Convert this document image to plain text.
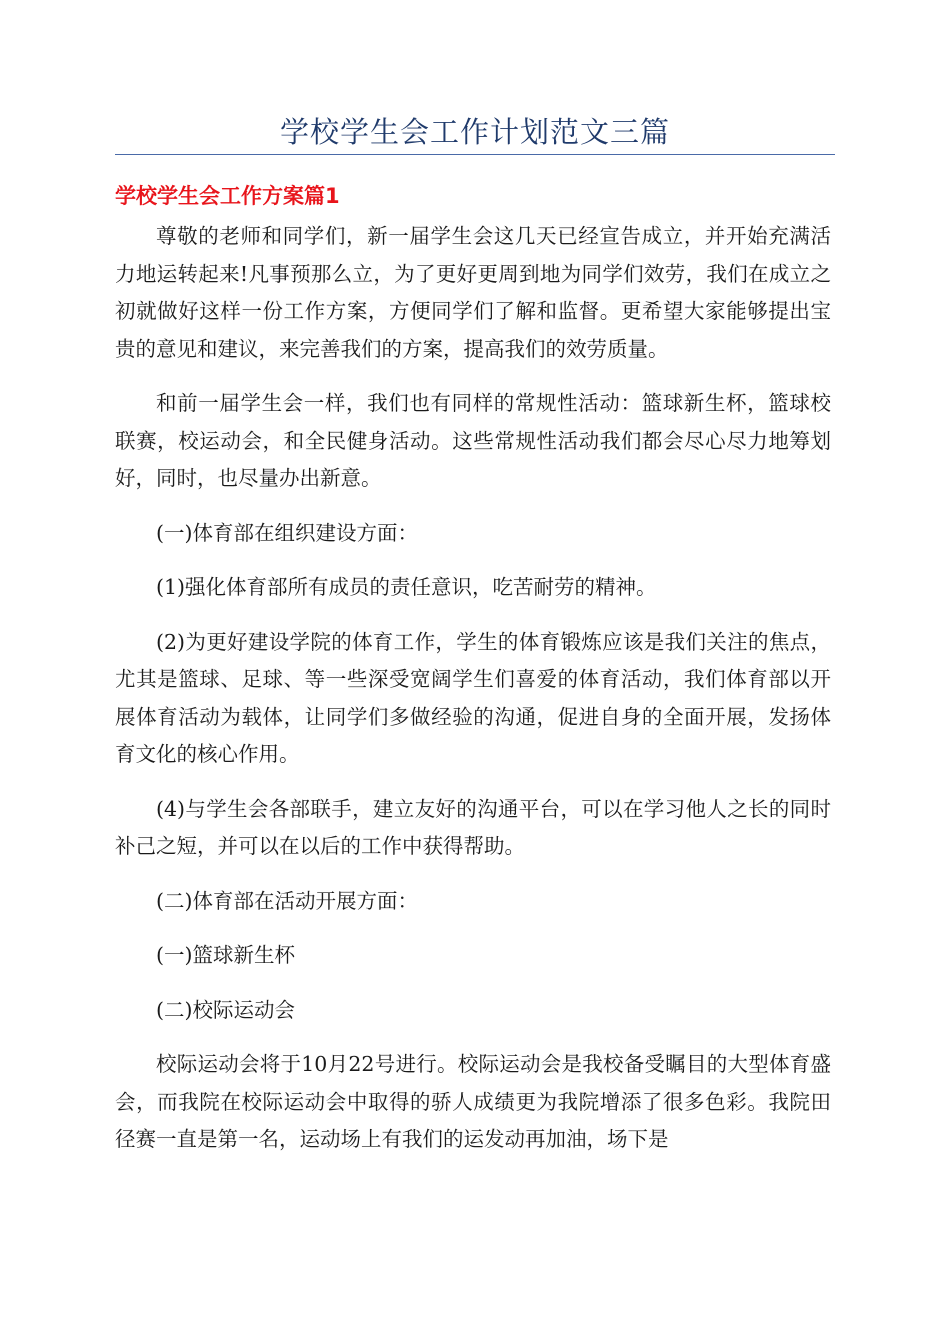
学校学生会工作计划范文三篇
学校学生会工作方案篇1

尊敬的老师和同学们，新一届学生会这几天已经宣告成立，并开始充满活力地运转起来!凡事预那么立，为了更好更周到地为同学们效劳，我们在成立之初就做好这样一份工作方案，方便同学们了解和监督。更希望大家能够提出宝贵的意见和建议，来完善我们的方案，提高我们的效劳质量。

和前一届学生会一样，我们也有同样的常规性活动：篮球新生杯，篮球校联赛，校运动会，和全民健身活动。这些常规性活动我们都会尽心尽力地筹划好，同时，也尽量办出新意。

(一)体育部在组织建设方面：

(1)强化体育部所有成员的责任意识，吃苦耐劳的精神。

(2)为更好建设学院的体育工作，学生的体育锻炼应该是我们关注的焦点，尤其是篮球、足球、等一些深受宽阔学生们喜爱的体育活动，我们体育部以开展体育活动为载体，让同学们多做经验的沟通，促进自身的全面开展，发扬体育文化的核心作用。

(4)与学生会各部联手，建立友好的沟通平台，可以在学习他人之长的同时补己之短，并可以在以后的工作中获得帮助。

(二)体育部在活动开展方面：

(一)篮球新生杯

(二)校际运动会

校际运动会将于10月22号进行。校际运动会是我校备受瞩目的大型体育盛会，而我院在校际运动会中取得的骄人成绩更为我院增添了很多色彩。我院田径赛一直是第一名，运动场上有我们的运发动再加油，场下是
